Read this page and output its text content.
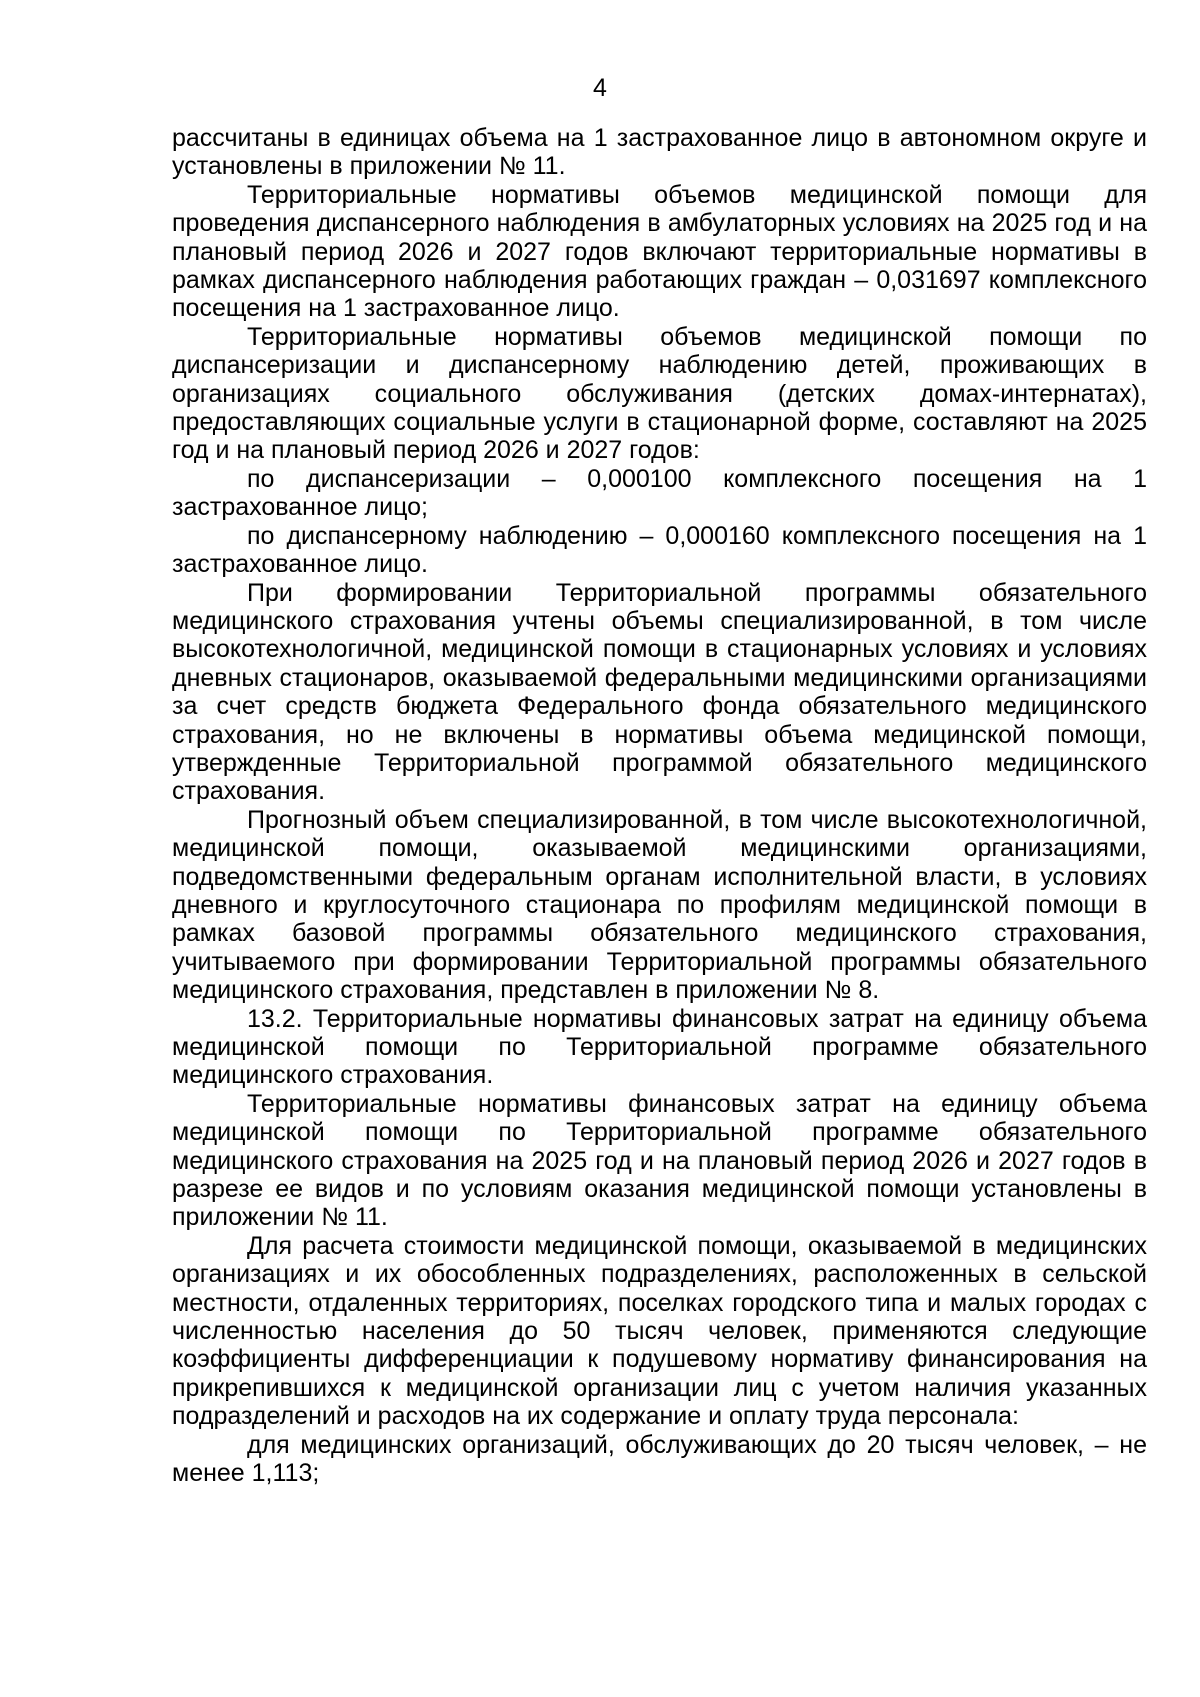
4

рассчитаны в единицах объема на 1 застрахованное лицо в автономном округе и установлены в приложении № 11.

Территориальные нормативы объемов медицинской помощи для проведения диспансерного наблюдения в амбулаторных условиях на 2025 год и на плановый период 2026 и 2027 годов включают территориальные нормативы в рамках диспансерного наблюдения работающих граждан – 0,031697 комплексного посещения на 1 застрахованное лицо.

Территориальные нормативы объемов медицинской помощи по диспансеризации и диспансерному наблюдению детей, проживающих в организациях социального обслуживания (детских домах-интернатах), предоставляющих социальные услуги в стационарной форме, составляют на 2025 год и на плановый период 2026 и 2027 годов:

по диспансеризации – 0,000100 комплексного посещения на 1 застрахованное лицо;

по диспансерному наблюдению – 0,000160 комплексного посещения на 1 застрахованное лицо.

При формировании Территориальной программы обязательного медицинского страхования учтены объемы специализированной, в том числе высокотехнологичной, медицинской помощи в стационарных условиях и условиях дневных стационаров, оказываемой федеральными медицинскими организациями за счет средств бюджета Федерального фонда обязательного медицинского страхования, но не включены в нормативы объема медицинской помощи, утвержденные Территориальной программой обязательного медицинского страхования.

Прогнозный объем специализированной, в том числе высокотехнологичной, медицинской помощи, оказываемой медицинскими организациями, подведомственными федеральным органам исполнительной власти, в условиях дневного и круглосуточного стационара по профилям медицинской помощи в рамках базовой программы обязательного медицинского страхования, учитываемого при формировании Территориальной программы обязательного медицинского страхования, представлен в приложении № 8.

13.2. Территориальные нормативы финансовых затрат на единицу объема медицинской помощи по Территориальной программе обязательного медицинского страхования.

Территориальные нормативы финансовых затрат на единицу объема медицинской помощи по Территориальной программе обязательного медицинского страхования на 2025 год и на плановый период 2026 и 2027 годов в разрезе ее видов и по условиям оказания медицинской помощи установлены в приложении № 11.

Для расчета стоимости медицинской помощи, оказываемой в медицинских организациях и их обособленных подразделениях, расположенных в сельской местности, отдаленных территориях, поселках городского типа и малых городах с численностью населения до 50 тысяч человек, применяются следующие коэффициенты дифференциации к подушевому нормативу финансирования на прикрепившихся к медицинской организации лиц с учетом наличия указанных подразделений и расходов на их содержание и оплату труда персонала:

для медицинских организаций, обслуживающих до 20 тысяч человек, – не менее 1,113;
